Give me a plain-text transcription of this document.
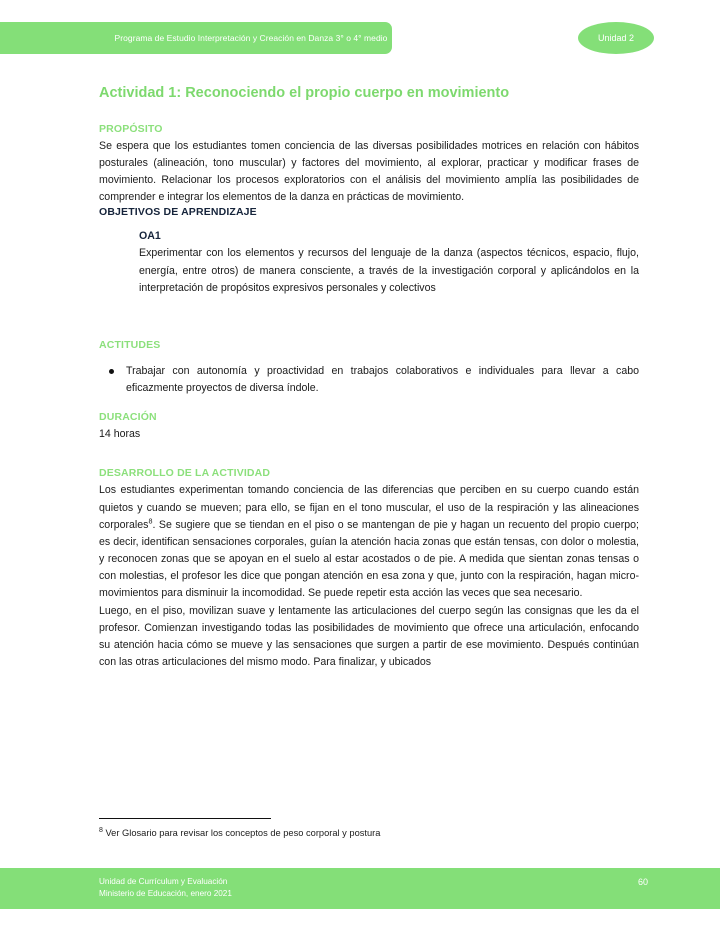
Programa de Estudio Interpretación y Creación en Danza 3° o 4° medio	Unidad 2
Actividad 1: Reconociendo el propio cuerpo en movimiento
PROPÓSITO

Se espera que los estudiantes tomen conciencia de las diversas posibilidades motrices en relación con hábitos posturales (alineación, tono muscular) y factores del movimiento, al explorar, practicar y modificar frases de movimiento. Relacionar los procesos exploratorios con el análisis del movimiento amplía las posibilidades de comprender e integrar los elementos de la danza en prácticas de movimiento.

OBJETIVOS DE APRENDIZAJE
OA1

Experimentar con los elementos y recursos del lenguaje de la danza (aspectos técnicos, espacio, flujo, energía, entre otros) de manera consciente, a través de la investigación corporal y aplicándolos en la interpretación de propósitos expresivos personales y colectivos

ACTITUDES
Trabajar con autonomía y proactividad en trabajos colaborativos e individuales para llevar a cabo eficazmente proyectos de diversa índole.
DURACIÓN

14 horas

DESARROLLO DE LA ACTIVIDAD

Los estudiantes experimentan tomando conciencia de las diferencias que perciben en su cuerpo cuando están quietos y cuando se mueven; para ello, se fijan en el tono muscular, el uso de la respiración y las alineaciones corporales$^8$. Se sugiere que se tiendan en el piso o se mantengan de pie y hagan un recuento del propio cuerpo; es decir, identifican sensaciones corporales, guían la atención hacia zonas que están tensas, con dolor o molestia, y reconocen zonas que se apoyan en el suelo al estar acostados o de pie. A medida que sientan zonas tensas o con molestias, el profesor les dice que pongan atención en esa zona y que, junto con la respiración, hagan micro-movimientos para disminuir la incomodidad. Se puede repetir esta acción las veces que sea necesario.

Luego, en el piso, movilizan suave y lentamente las articulaciones del cuerpo según las consignas que les da el profesor. Comienzan investigando todas las posibilidades de movimiento que ofrece una articulación, enfocando su atención hacia cómo se mueve y las sensaciones que surgen a partir de ese movimiento. Después continúan con las otras articulaciones del mismo modo. Para finalizar, y ubicados

$^8$ Ver Glosario para revisar los conceptos de peso corporal y postura

Unidad de Currículum y Evaluación
Ministerio de Educación, enero 2021
60
